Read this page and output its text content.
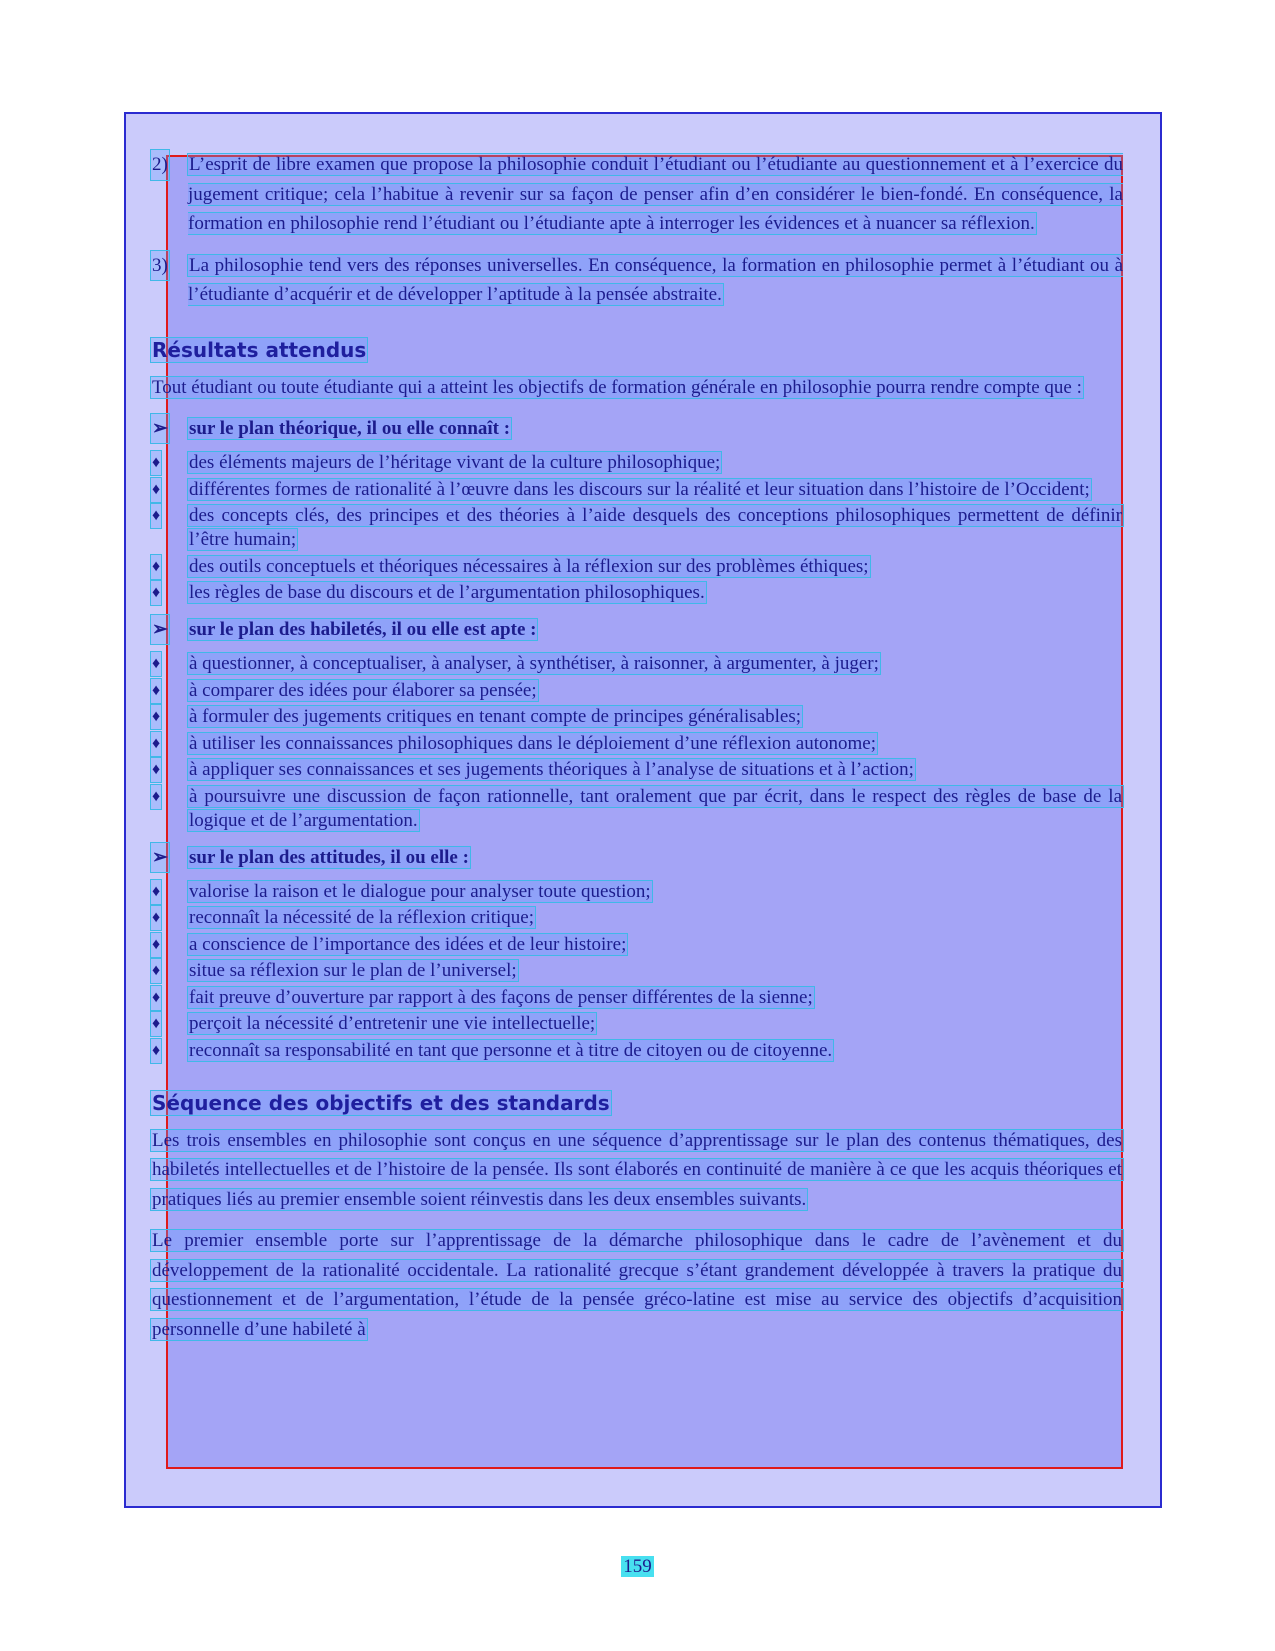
2) L’esprit de libre examen que propose la philosophie conduit l’étudiant ou l’étudiante au questionnement et à l’exercice du jugement critique; cela l’habitue à revenir sur sa façon de penser afin d’en considérer le bien-fondé. En conséquence, la formation en philosophie rend l’étudiant ou l’étudiante apte à interroger les évidences et à nuancer sa réflexion.
3) La philosophie tend vers des réponses universelles. En conséquence, la formation en philosophie permet à l’étudiant ou à l’étudiante d’acquérir et de développer l’aptitude à la pensée abstraite.
Résultats attendus

Tout étudiant ou toute étudiante qui a atteint les objectifs de formation générale en philosophie pourra rendre compte que :

➢ sur le plan théorique, il ou elle connaît :
♦ des éléments majeurs de l’héritage vivant de la culture philosophique;
♦ différentes formes de rationalité à l’œuvre dans les discours sur la réalité et leur situation dans l’histoire de l’Occident;
♦ des concepts clés, des principes et des théories à l’aide desquels des conceptions philosophiques permettent de définir l’être humain;
♦ des outils conceptuels et théoriques nécessaires à la réflexion sur des problèmes éthiques;
♦ les règles de base du discours et de l’argumentation philosophiques.
➢ sur le plan des habiletés, il ou elle est apte :
♦ à questionner, à conceptualiser, à analyser, à synthétiser, à raisonner, à argumenter, à juger;
♦ à comparer des idées pour élaborer sa pensée;
♦ à formuler des jugements critiques en tenant compte de principes généralisables;
♦ à utiliser les connaissances philosophiques dans le déploiement d’une réflexion autonome;
♦ à appliquer ses connaissances et ses jugements théoriques à l’analyse de situations et à l’action;
♦ à poursuivre une discussion de façon rationnelle, tant oralement que par écrit, dans le respect des règles de base de la logique et de l’argumentation.
➢ sur le plan des attitudes, il ou elle :
♦ valorise la raison et le dialogue pour analyser toute question;
♦ reconnaît la nécessité de la réflexion critique;
♦ a conscience de l’importance des idées et de leur histoire;
♦ situe sa réflexion sur le plan de l’universel;
♦ fait preuve d’ouverture par rapport à des façons de penser différentes de la sienne;
♦ perçoit la nécessité d’entretenir une vie intellectuelle;
♦ reconnaît sa responsabilité en tant que personne et à titre de citoyen ou de citoyenne.
Séquence des objectifs et des standards

Les trois ensembles en philosophie sont conçus en une séquence d’apprentissage sur le plan des contenus thématiques, des habiletés intellectuelles et de l’histoire de la pensée. Ils sont élaborés en continuité de manière à ce que les acquis théoriques et pratiques liés au premier ensemble soient réinvestis dans les deux ensembles suivants.

Le premier ensemble porte sur l’apprentissage de la démarche philosophique dans le cadre de l’avènement et du développement de la rationalité occidentale. La rationalité grecque s’étant grandement développée à travers la pratique du questionnement et de l’argumentation, l’étude de la pensée gréco-latine est mise au service des objectifs d’acquisition personnelle d’une habileté à

159
